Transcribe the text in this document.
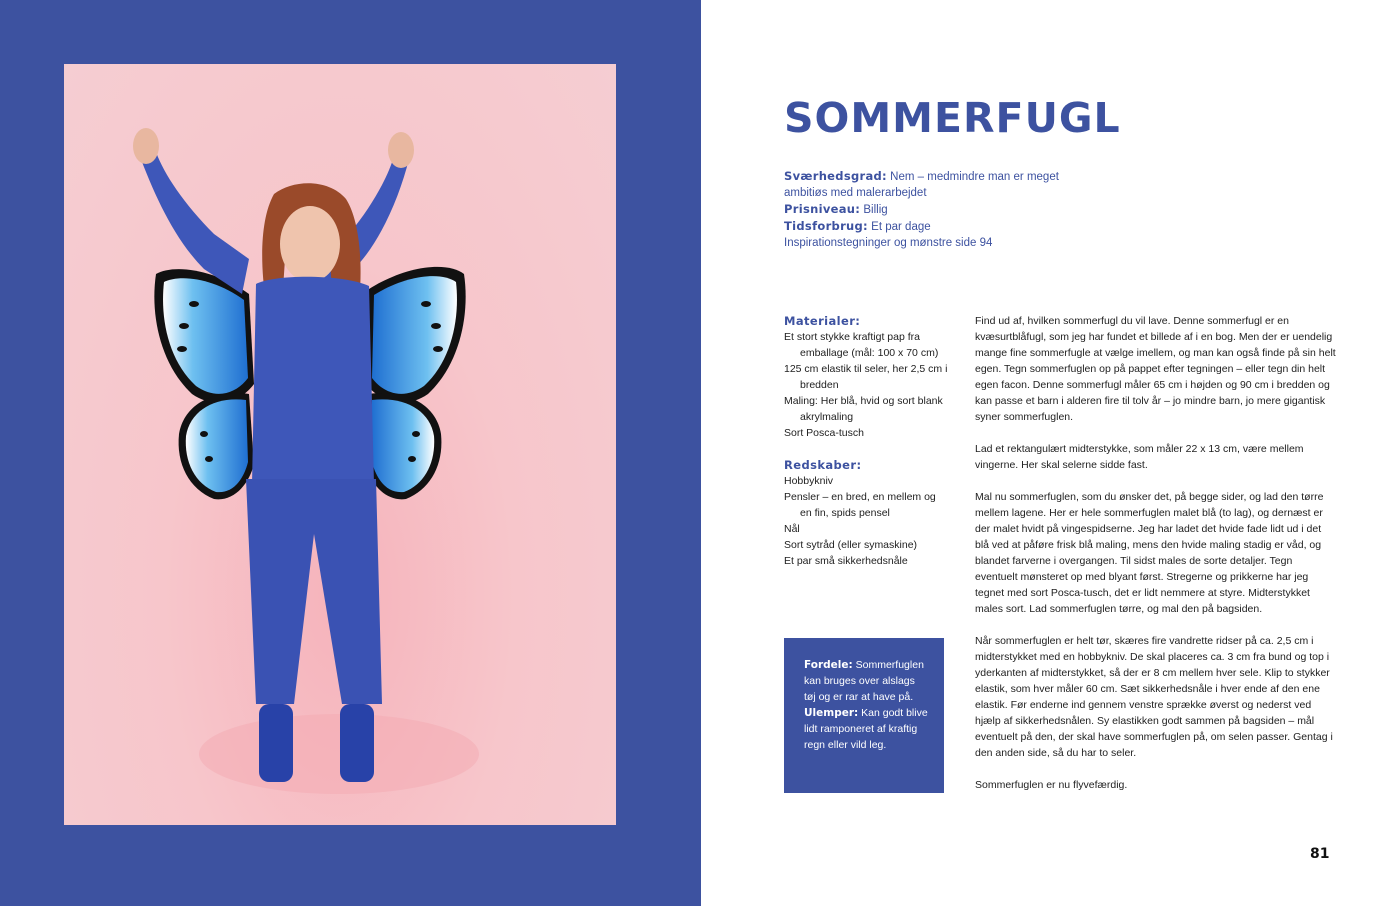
SOMMERFUGL

Sværhedsgrad: Nem – medmindre man er meget ambitiøs med malerarbejdet

Prisniveau: Billig

Tidsforbrug: Et par dage

Inspirationstegninger og mønstre side 94

Materialer:
Et stort stykke kraftigt pap fra emballage (mål: 100 x 70 cm)
125 cm elastik til seler, her 2,5 cm i bredden
Maling: Her blå, hvid og sort blank akrylmaling
Sort Posca-tusch
Redskaber:
Hobbykniv
Pensler – en bred, en mellem og en fin, spids pensel
Nål
Sort sytråd (eller symaskine)
Et par små sikkerhedsnåle

Fordele: Sommerfuglen kan bruges over alslags tøj og er rar at have på.

Ulemper: Kan godt blive lidt ramponeret af kraftig regn eller vild leg.

Find ud af, hvilken sommerfugl du vil lave. Denne sommerfugl er en kvæsurtblåfugl, som jeg har fundet et billede af i en bog. Men der er uendelig mange fine sommerfugle at vælge imellem, og man kan også finde på sin helt egen. Tegn sommerfuglen op på pappet efter tegningen – eller tegn din helt egen facon. Denne sommerfugl måler 65 cm i højden og 90 cm i bredden og kan passe et barn i alderen fire til tolv år – jo mindre barn, jo mere gigantisk syner sommerfuglen.

Lad et rektangulært midterstykke, som måler 22 x 13 cm, være mellem vingerne. Her skal selerne sidde fast.

Mal nu sommerfuglen, som du ønsker det, på begge sider, og lad den tørre mellem lagene. Her er hele sommerfuglen malet blå (to lag), og dernæst er der malet hvidt på vingespidserne. Jeg har ladet det hvide fade lidt ud i det blå ved at påføre frisk blå maling, mens den hvide maling stadig er våd, og blandet farverne i overgangen. Til sidst males de sorte detaljer. Tegn eventuelt mønsteret op med blyant først. Stregerne og prikkerne har jeg tegnet med sort Posca-tusch, det er lidt nemmere at styre. Midterstykket males sort. Lad sommerfuglen tørre, og mal den på bagsiden.

Når sommerfuglen er helt tør, skæres fire vandrette ridser på ca. 2,5 cm i midterstykket med en hobbykniv. De skal placeres ca. 3 cm fra bund og top i yderkanten af midterstykket, så der er 8 cm mellem hver sele. Klip to stykker elastik, som hver måler 60 cm. Sæt sikkerhedsnåle i hver ende af den ene elastik. Før enderne ind gennem venstre sprække øverst og nederst ved hjælp af sikkerhedsnålen. Sy elastikken godt sammen på bagsiden – mål eventuelt på den, der skal have sommerfuglen på, om selen passer. Gentag i den anden side, så du har to seler.

Sommerfuglen er nu flyvefærdig.

81
